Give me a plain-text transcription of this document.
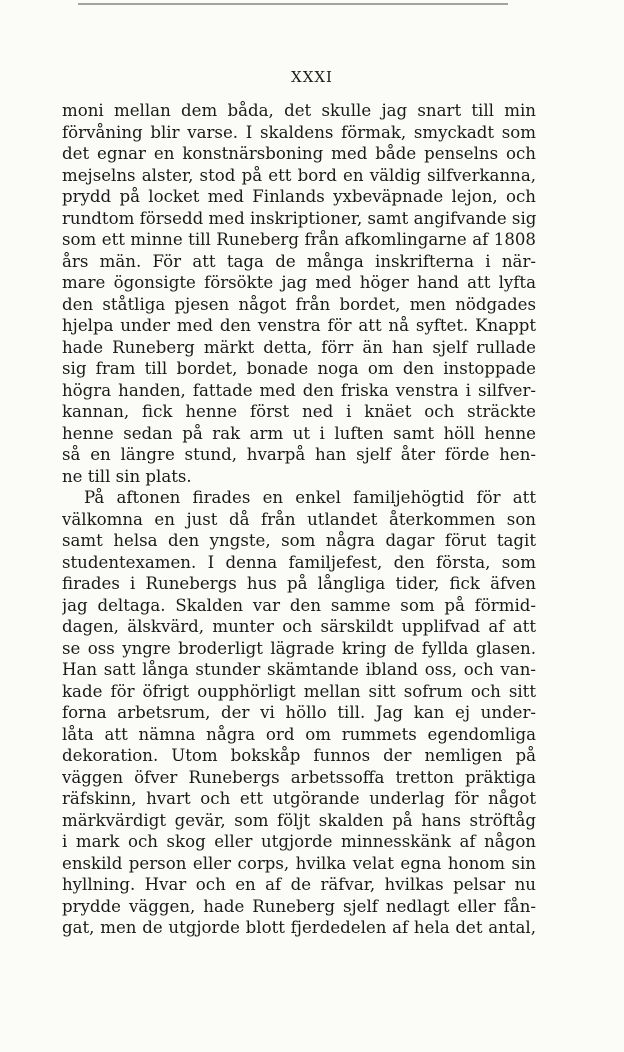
XXXI
moni mellan dem båda, det skulle jag snart till min
förvåning blir varse. I skaldens förmak, smyckadt som
det egnar en konstnärsboning med både penselns och
mejselns alster, stod på ett bord en väldig silfverkanna,
prydd på locket med Finlands yxbeväpnade lejon, och
rundtom försedd med inskriptioner, samt angifvande sig
som ett minne till Runeberg från afkomlingarne af 1808
års män. För att taga de många inskrifterna i när-
mare ögonsigte försökte jag med höger hand att lyfta
den ståtliga pjesen något från bordet, men nödgades
hjelpa under med den venstra för att nå syftet. Knappt
hade Runeberg märkt detta, förr än han sjelf rullade
sig fram till bordet, bonade noga om den instoppade
högra handen, fattade med den friska venstra i silfver-
kannan, fick henne först ned i knäet och sträckte
henne sedan på rak arm ut i luften samt höll henne
så en längre stund, hvarpå han sjelf åter förde hen-
ne till sin plats.
På aftonen firades en enkel familjehögtid för att
välkomna en just då från utlandet återkommen son
samt helsa den yngste, som några dagar förut tagit
studentexamen. I denna familjefest, den första, som
firades i Runebergs hus på långliga tider, fick äfven
jag deltaga. Skalden var den samme som på förmid-
dagen, älskvärd, munter och särskildt upplifvad af att
se oss yngre broderligt lägrade kring de fyllda glasen.
Han satt långa stunder skämtande ibland oss, och van-
kade för öfrigt oupphörligt mellan sitt sofrum och sitt
forna arbetsrum, der vi höllo till. Jag kan ej under-
låta att nämna några ord om rummets egendomliga
dekoration. Utom bokskåp funnos der nemligen på
väggen öfver Runebergs arbetssoffa tretton präktiga
räfskinn, hvart och ett utgörande underlag för något
märkvärdigt gevär, som följt skalden på hans ströftåg
i mark och skog eller utgjorde minnesskänk af någon
enskild person eller corps, hvilka velat egna honom sin
hyllning. Hvar och en af de räfvar, hvilkas pelsar nu
prydde väggen, hade Runeberg sjelf nedlagt eller fån-
gat, men de utgjorde blott fjerdedelen af hela det antal,
